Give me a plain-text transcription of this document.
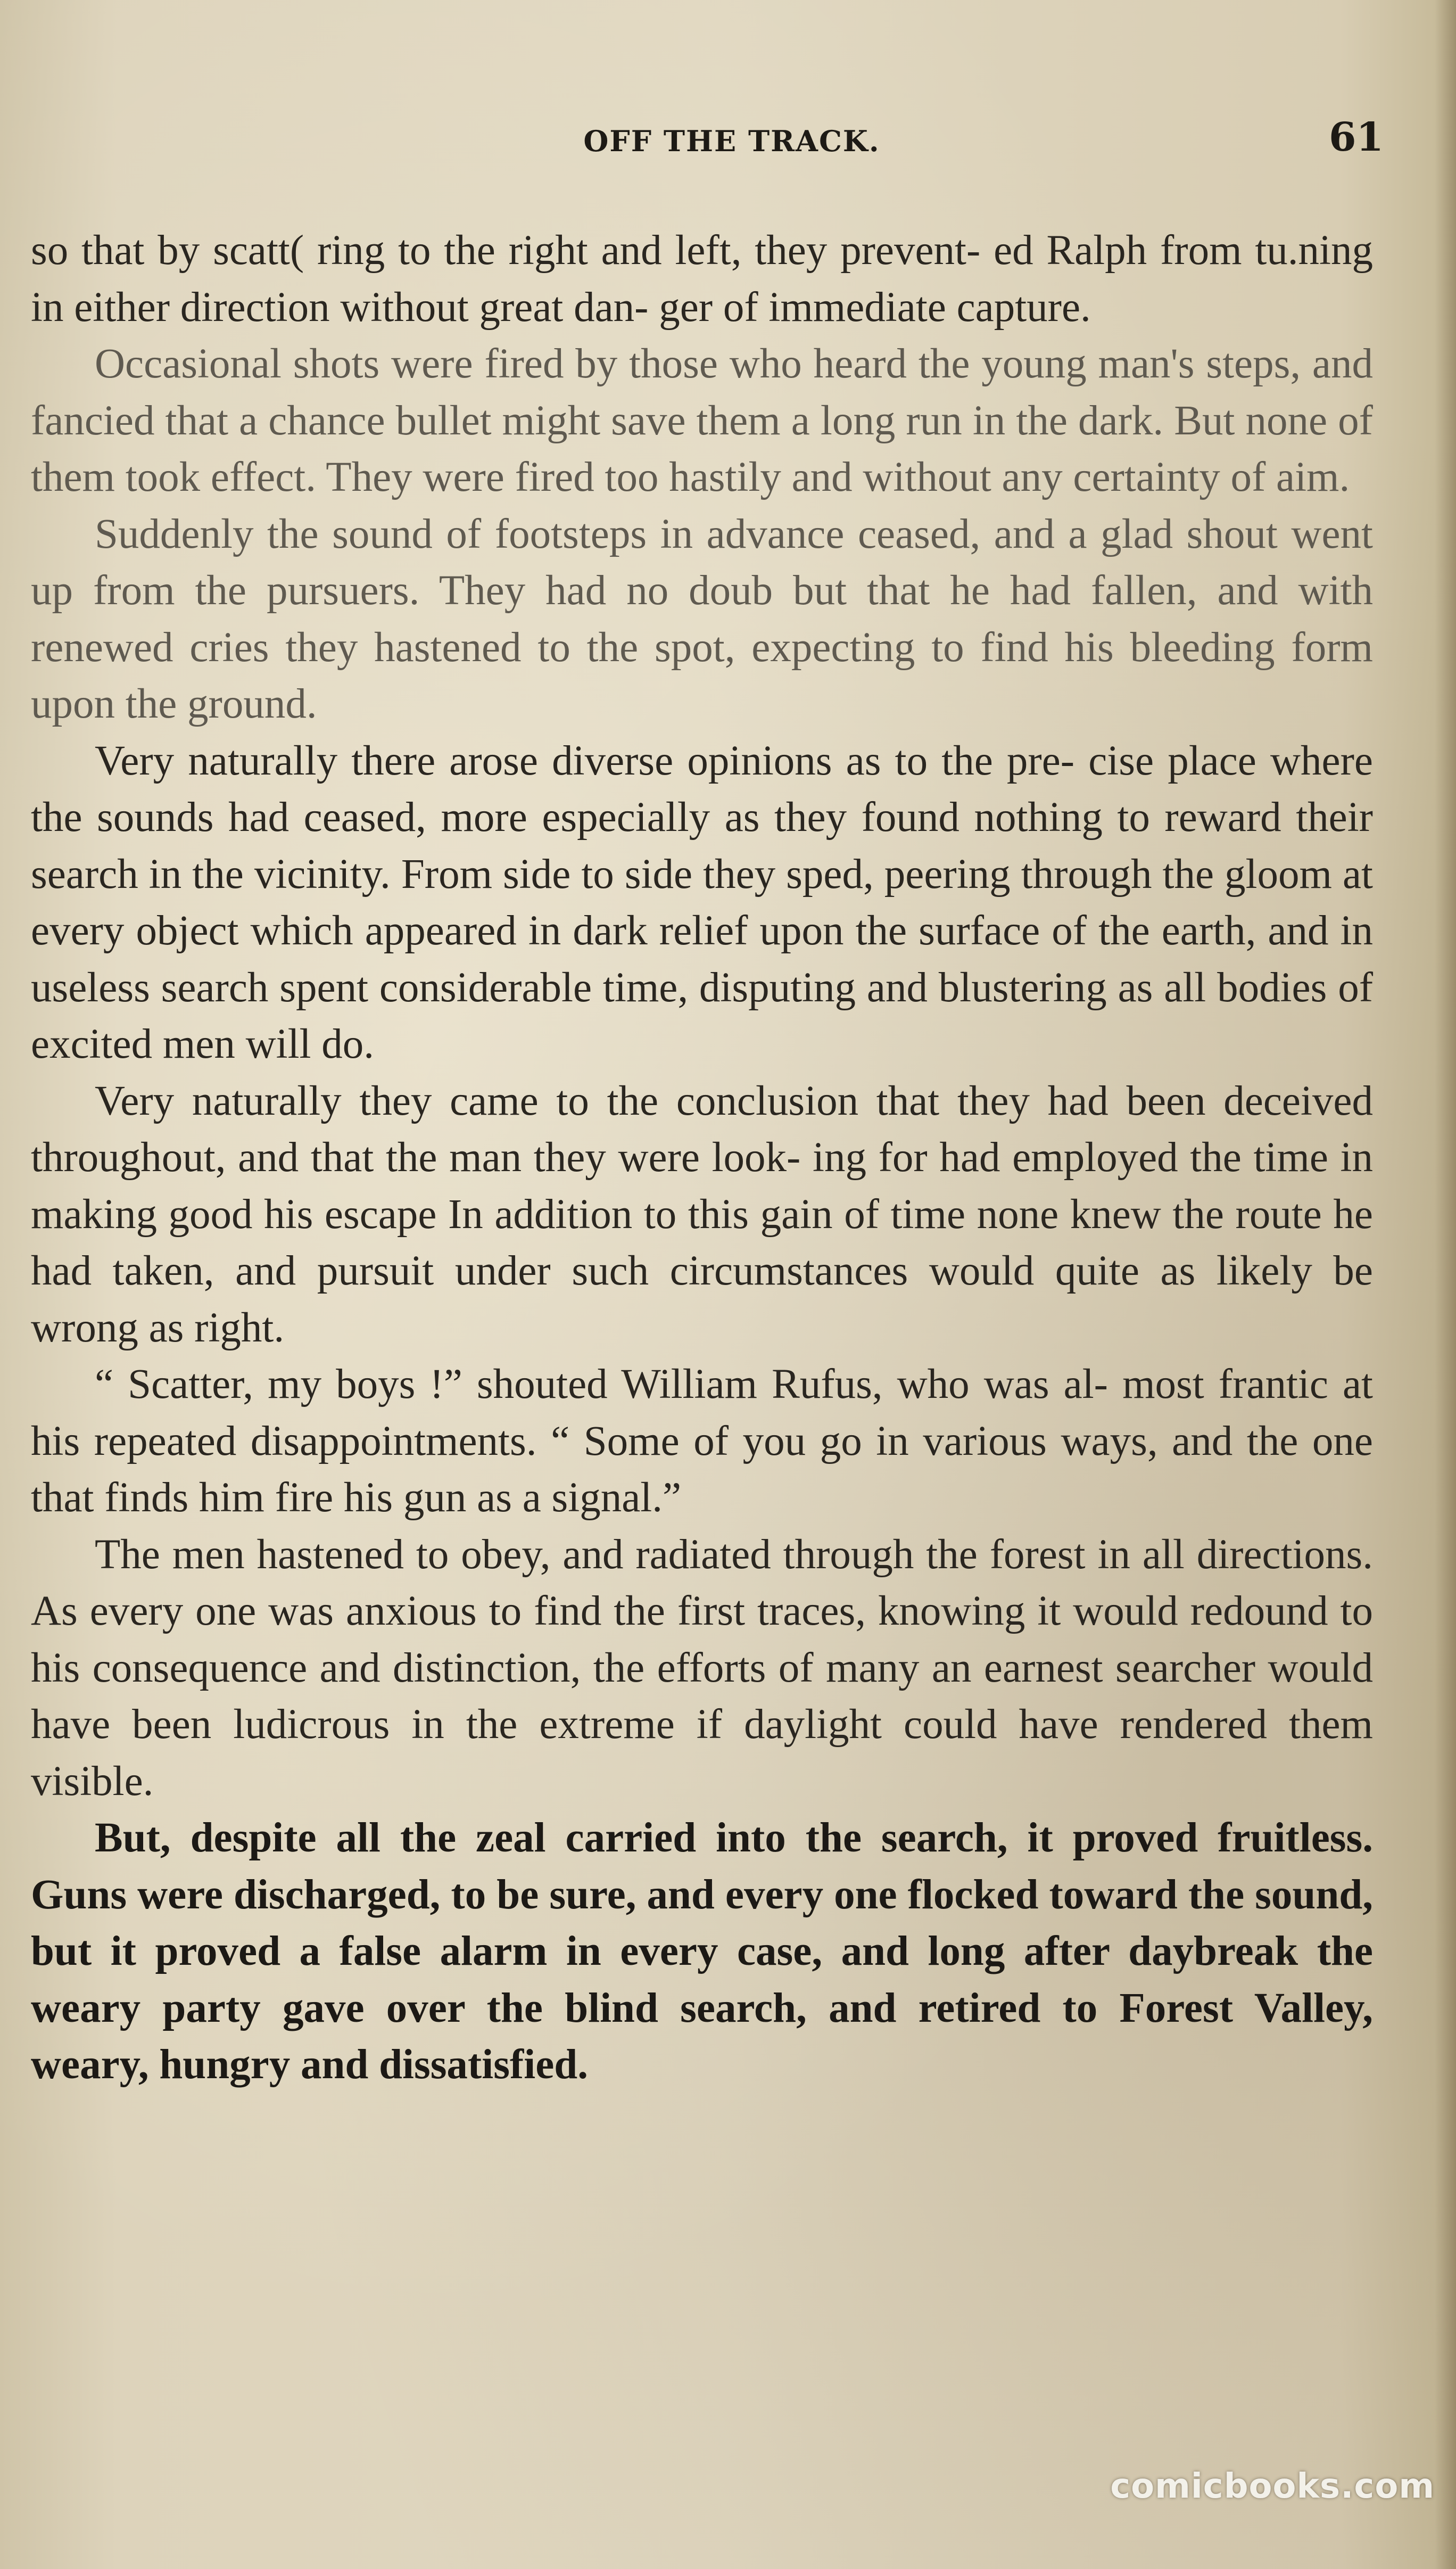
OFF THE TRACK.	61

so that by scatt( ring to the right and left, they prevent- ed Ralph from tu.ning in either direction without great dan- ger of immediate capture.

Occasional shots were fired by those who heard the young man's steps, and fancied that a chance bullet might save them a long run in the dark. But none of them took effect. They were fired too hastily and without any certainty of aim.

Suddenly the sound of footsteps in advance ceased, and a glad shout went up from the pursuers. They had no doub but that he had fallen, and with renewed cries they hastened to the spot, expecting to find his bleeding form upon the ground.

Very naturally there arose diverse opinions as to the pre- cise place where the sounds had ceased, more especially as they found nothing to reward their search in the vicinity. From side to side they sped, peering through the gloom at every object which appeared in dark relief upon the surface of the earth, and in useless search spent considerable time, disputing and blustering as all bodies of excited men will do.

Very naturally they came to the conclusion that they had been deceived throughout, and that the man they were look- ing for had employed the time in making good his escape In addition to this gain of time none knew the route he had taken, and pursuit under such circumstances would quite as likely be wrong as right.

“ Scatter, my boys !” shouted William Rufus, who was al- most frantic at his repeated disappointments. “ Some of you go in various ways, and the one that finds him fire his gun as a signal.”

The men hastened to obey, and radiated through the forest in all directions. As every one was anxious to find the first traces, knowing it would redound to his consequence and distinction, the efforts of many an earnest searcher would have been ludicrous in the extreme if daylight could have rendered them visible.

But, despite all the zeal carried into the search, it proved fruitless. Guns were discharged, to be sure, and every one flocked toward the sound, but it proved a false alarm in every case, and long after daybreak the weary party gave over the blind search, and retired to Forest Valley, weary, hungry and dissatisfied.

comicbooks.com
